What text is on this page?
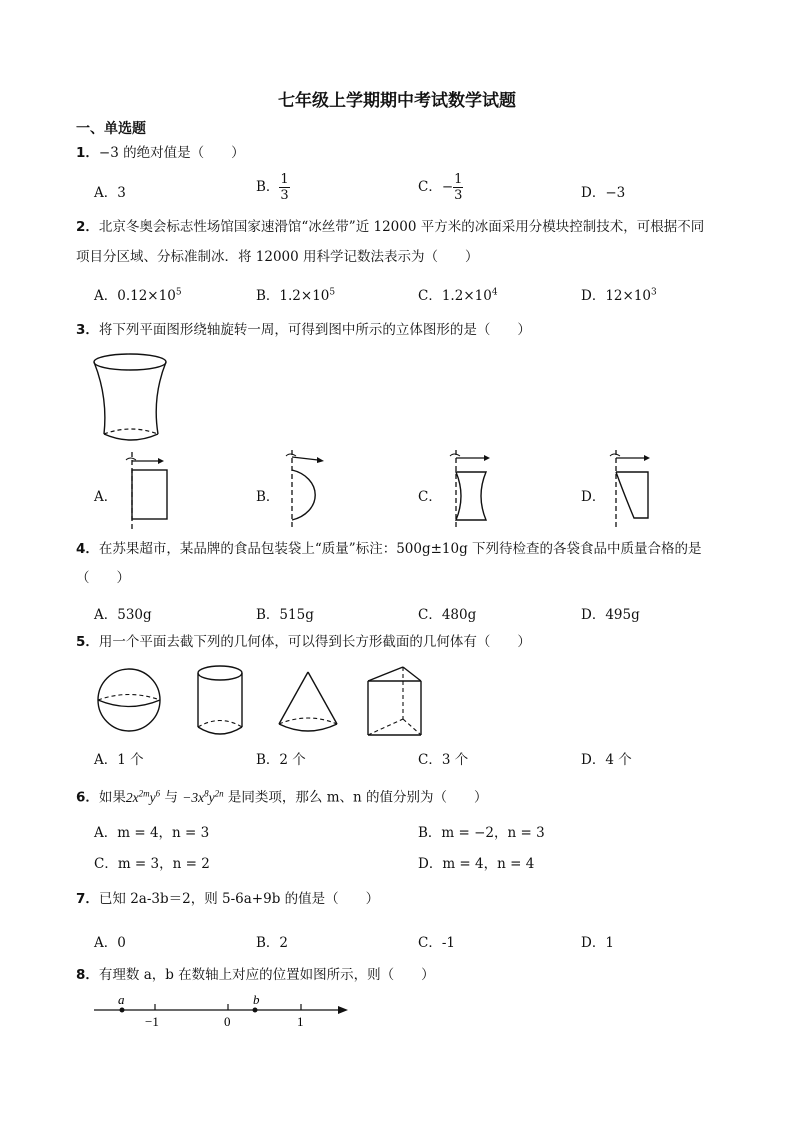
七年级上学期期中考试数学试题
一、单选题
1．−3 的绝对值是（　　）
A．3	B． $\frac{1}{3}$	C．− $\frac{1}{3}$	D．−3
2．北京冬奥会标志性场馆国家速滑馆“冰丝带”近 12000 平方米的冰面采用分模块控制技术，可根据不同
项目分区域、分标准制冰．将 12000 用科学记数法表示为（　　）
A．$0.12\times 10^5$	B．$1.2\times 10^5$	C．$1.2\times 10^4$	D．$12\times 10^3$
3．将下列平面图形绕轴旋转一周，可得到图中所示的立体图形的是（　　）
A．	B．	C．	D．
4．在苏果超市，某品牌的食品包装袋上“质量”标注：500g±10g 下列待检查的各袋食品中质量合格的是
（　　）
A．530g	B．515g	C．480g	D．495g
5．用一个平面去截下列的几何体，可以得到长方形截面的几何体有（　　）
A．1 个	B．2 个	C．3 个	D．4 个
6．如果$2x^{2m}y^6$ 与 $-3x^8y^{2n}$ 是同类项，那么 m、n 的值分别为（　　）
A．m = 4，n = 3	B．m = −2，n = 3
C．m = 3，n = 2	D．m = 4，n = 4
7．已知 2a-3b＝2，则 5-6a+9b 的值是（　　）
A．0	B．2	C．-1	D．1
8．有理数 a，b 在数轴上对应的位置如图所示，则（　　）
a	b
−1	0	1
